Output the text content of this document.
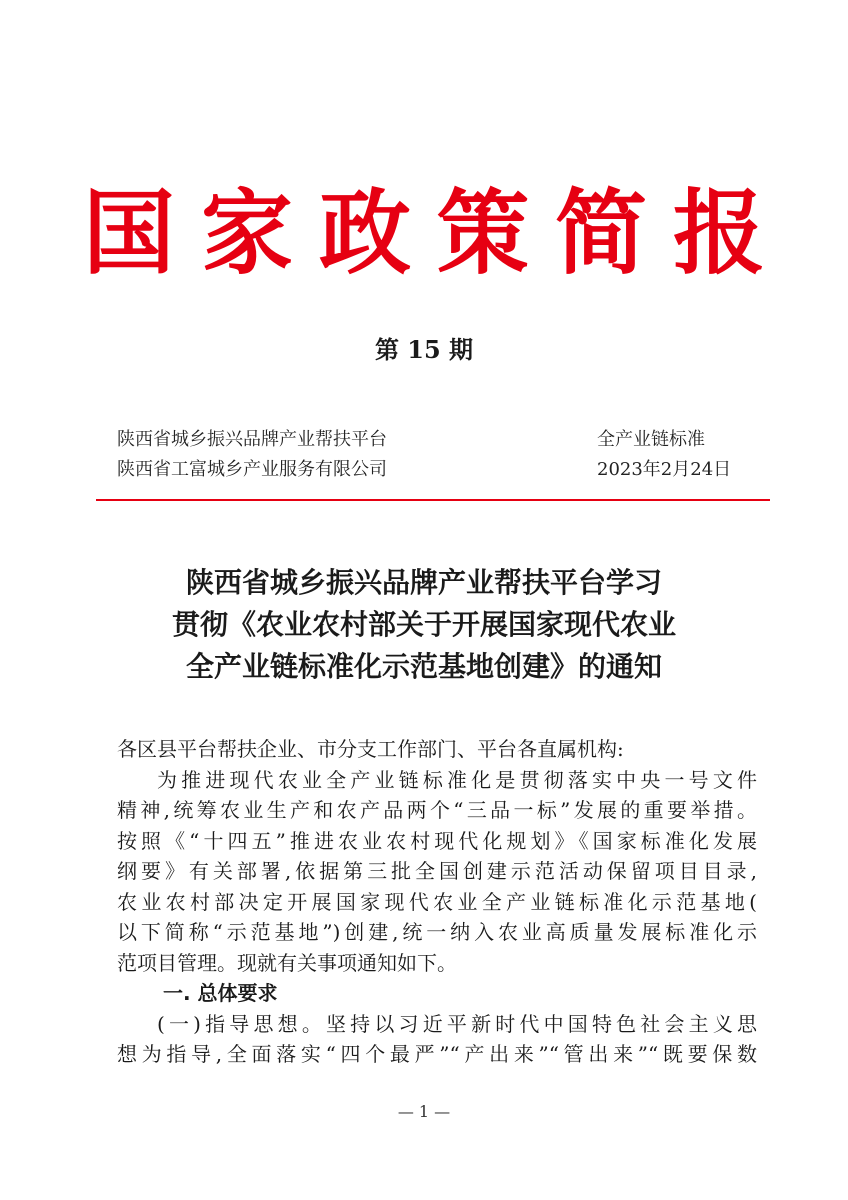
国家政策简报
第 15 期
陕西省城乡振兴品牌产业帮扶平台	全产业链标准
陕西省工富城乡产业服务有限公司	2023年2月24日
陕西省城乡振兴品牌产业帮扶平台学习
贯彻《农业农村部关于开展国家现代农业
全产业链标准化示范基地创建》的通知

各区县平台帮扶企业、市分支工作部门、平台各直属机构:

为推进现代农业全产业链标准化是贯彻落实中央一号文件

精神,统筹农业生产和农产品两个“三品一标”发展的重要举措。

按照《“十四五”推进农业农村现代化规划》《国家标准化发展

纲要》有关部署,依据第三批全国创建示范活动保留项目目录,

农业农村部决定开展国家现代农业全产业链标准化示范基地(

以下简称“示范基地”)创建,统一纳入农业高质量发展标准化示

范项目管理。现就有关事项通知如下。

一. 总体要求

(一)指导思想。坚持以习近平新时代中国特色社会主义思

想为指导,全面落实“四个最严”“产出来”“管出来”“既要保数

— 1 —
